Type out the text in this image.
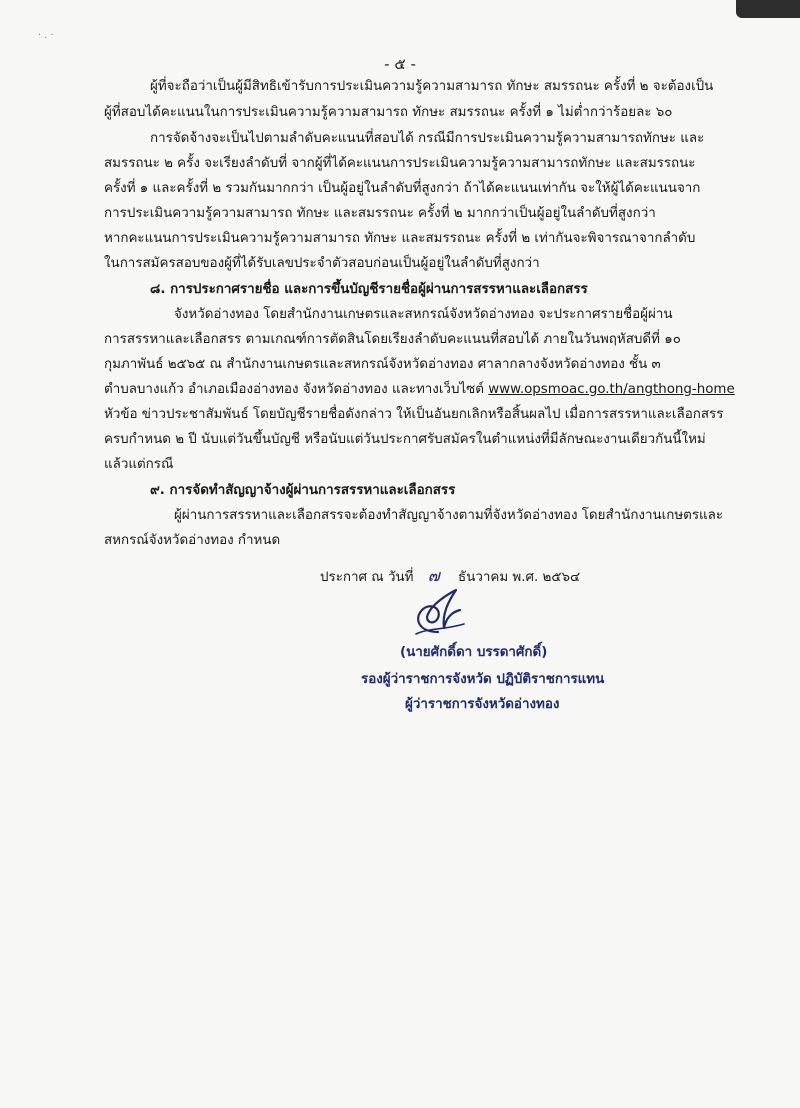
·.·
- ๕ -
ผู้ที่จะถือว่าเป็นผู้มีสิทธิเข้ารับการประเมินความรู้ความสามารถ ทักษะ สมรรถนะ ครั้งที่ ๒ จะต้องเป็น
ผู้ที่สอบได้คะแนนในการประเมินความรู้ความสามารถ ทักษะ สมรรถนะ ครั้งที่ ๑ ไม่ต่ำกว่าร้อยละ ๖๐
การจัดจ้างจะเป็นไปตามลำดับคะแนนที่สอบได้ กรณีมีการประเมินความรู้ความสามารถทักษะ และ
สมรรถนะ ๒ ครั้ง จะเรียงลำดับที่ จากผู้ที่ได้คะแนนการประเมินความรู้ความสามารถทักษะ และสมรรถนะ
ครั้งที่ ๑ และครั้งที่ ๒ รวมกันมากกว่า เป็นผู้อยู่ในลำดับที่สูงกว่า ถ้าได้คะแนนเท่ากัน จะให้ผู้ได้คะแนนจาก
การประเมินความรู้ความสามารถ ทักษะ และสมรรถนะ ครั้งที่ ๒ มากกว่าเป็นผู้อยู่ในลำดับที่สูงกว่า
หากคะแนนการประเมินความรู้ความสามารถ ทักษะ และสมรรถนะ ครั้งที่ ๒ เท่ากันจะพิจารณาจากลำดับ
ในการสมัครสอบของผู้ที่ได้รับเลขประจำตัวสอบก่อนเป็นผู้อยู่ในลำดับที่สูงกว่า
๘. การประกาศรายชื่อ และการขึ้นบัญชีรายชื่อผู้ผ่านการสรรหาและเลือกสรร
จังหวัดอ่างทอง โดยสำนักงานเกษตรและสหกรณ์จังหวัดอ่างทอง จะประกาศรายชื่อผู้ผ่าน
การสรรหาและเลือกสรร ตามเกณฑ์การตัดสินโดยเรียงลำดับคะแนนที่สอบได้ ภายในวันพฤหัสบดีที่ ๑๐
กุมภาพันธ์ ๒๕๖๕ ณ สำนักงานเกษตรและสหกรณ์จังหวัดอ่างทอง ศาลากลางจังหวัดอ่างทอง ชั้น ๓
ตำบลบางแก้ว อำเภอเมืองอ่างทอง จังหวัดอ่างทอง และทางเว็บไซต์ www.opsmoac.go.th/angthong-home
หัวข้อ ข่าวประชาสัมพันธ์ โดยบัญชีรายชื่อดังกล่าว ให้เป็นอันยกเลิกหรือสิ้นผลไป เมื่อการสรรหาและเลือกสรร
ครบกำหนด ๒ ปี นับแต่วันขึ้นบัญชี หรือนับแต่วันประกาศรับสมัครในตำแหน่งที่มีลักษณะงานเดียวกันนี้ใหม่
แล้วแต่กรณี
๙. การจัดทำสัญญาจ้างผู้ผ่านการสรรหาและเลือกสรร
ผู้ผ่านการสรรหาและเลือกสรรจะต้องทำสัญญาจ้างตามที่จังหวัดอ่างทอง โดยสำนักงานเกษตรและ
สหกรณ์จังหวัดอ่างทอง กำหนด
ประกาศ ณ วันที่ ๗ ธันวาคม พ.ศ. ๒๕๖๔
(นายศักดิ์ดา บรรดาศักดิ์)
รองผู้ว่าราชการจังหวัด ปฏิบัติราชการแทน
ผู้ว่าราชการจังหวัดอ่างทอง
